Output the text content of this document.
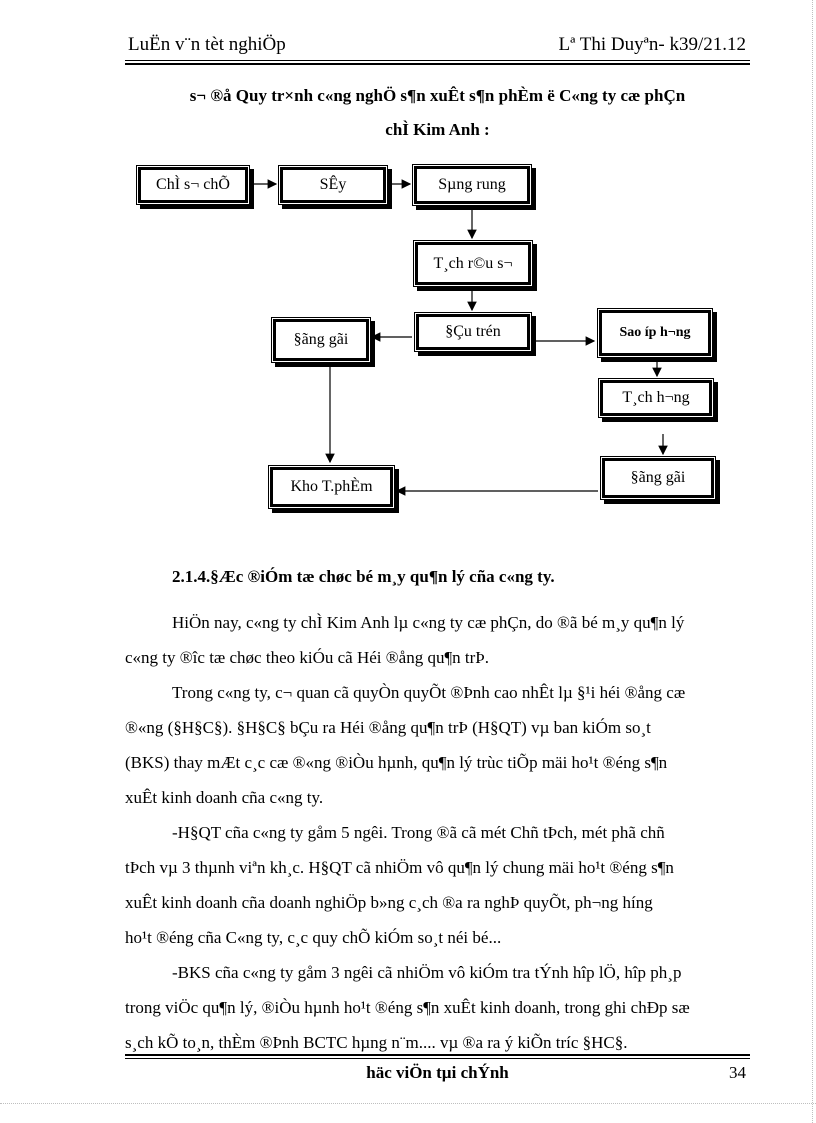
LuËn v¨n tèt nghiÖp	Lª Thi Duyªn- k39/21.12
s¬ ®å Quy tr×nh c«ng nghÖ s¶n xuÊt s¶n phÈm ë C«ng ty cæ phÇn
chÌ Kim Anh :
ChÌ s¬ chÕ	SÊy	Sµng rung
T¸ch r©u s¬
§Çu trén
§ãng gãi	Sao íp h¬ng
T¸ch h¬ng
§ãng gãi
Kho T.phÈm
2.1.4.§Æc ®iÓm tæ chøc bé m¸y qu¶n lý cña c«ng ty.
HiÖn nay, c«ng ty chÌ Kim Anh lµ c«ng ty cæ phÇn, do ®ã bé m¸y qu¶n lý
c«ng ty ®îc tæ chøc theo kiÓu cã Héi ®ång qu¶n trÞ.
Trong c«ng ty, c¬ quan cã quyÒn quyÕt ®Þnh cao nhÊt lµ §¹i héi ®ång cæ
®«ng (§H§C§). §H§C§ bÇu ra Héi ®ång qu¶n trÞ (H§QT) vµ ban kiÓm so¸t
(BKS) thay mÆt c¸c cæ ®«ng ®iÒu hµnh, qu¶n lý trùc tiÕp mäi ho¹t ®éng s¶n
xuÊt kinh doanh cña c«ng ty.
-H§QT cña c«ng ty gåm 5 ngêi. Trong ®ã cã mét Chñ tÞch, mét phã chñ
tÞch vµ 3 thµnh viªn kh¸c. H§QT cã nhiÖm vô qu¶n lý chung mäi ho¹t ®éng s¶n
xuÊt kinh doanh cña doanh nghiÖp b»ng c¸ch ®a ra nghÞ quyÕt, ph¬ng híng
ho¹t ®éng cña C«ng ty, c¸c quy chÕ kiÓm so¸t néi bé...
-BKS cña c«ng ty gåm 3 ngêi cã nhiÖm vô kiÓm tra tÝnh hîp lÖ, hîp ph¸p
trong viÖc qu¶n lý, ®iÒu hµnh ho¹t ®éng s¶n xuÊt kinh doanh, trong ghi chÐp sæ
s¸ch kÕ to¸n, thÈm ®Þnh BCTC hµng n¨m.... vµ ®a ra ý kiÕn tríc §HC§.
häc viÖn tµi chÝnh	34
